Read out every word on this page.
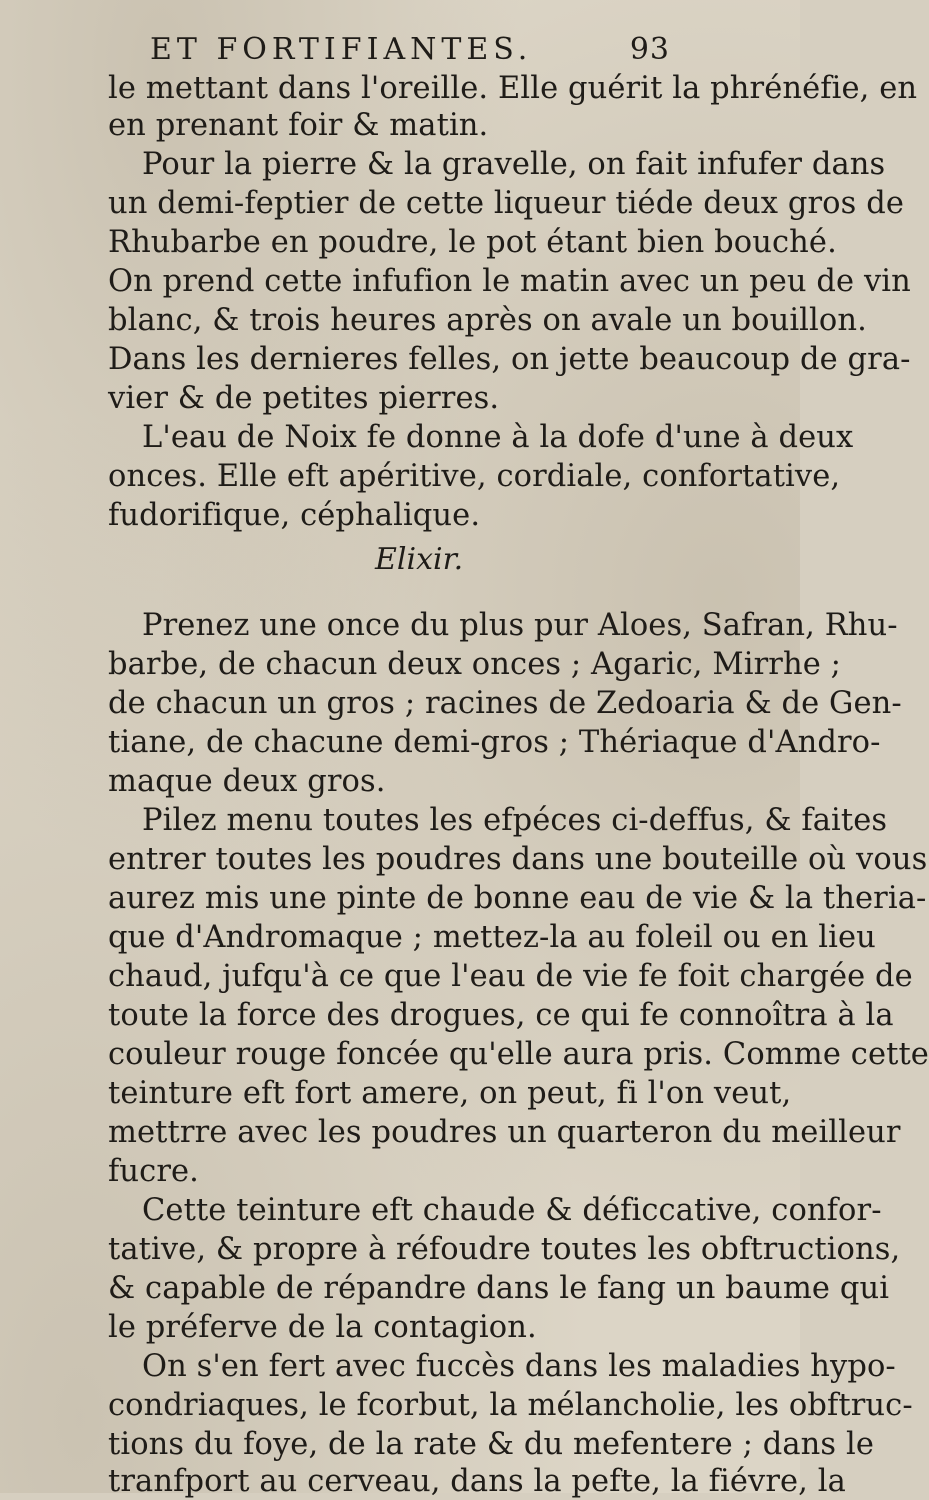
ET FORTIFIANTES.	93
le mettant dans l'oreille. Elle guérit la phrénéfie, en
en prenant foir & matin.
Pour la pierre & la gravelle, on fait infufer dans
un demi-feptier de cette liqueur tiéde deux gros de
Rhubarbe en poudre, le pot étant bien bouché.
On prend cette infufion le matin avec un peu de vin
blanc, & trois heures après on avale un bouillon.
Dans les dernieres felles, on jette beaucoup de gra-
vier & de petites pierres.
L'eau de Noix fe donne à la dofe d'une à deux
onces. Elle eft apéritive, cordiale, confortative,
fudorifique, céphalique.
Elixir.
Prenez une once du plus pur Aloes, Safran, Rhu-
barbe, de chacun deux onces ; Agaric, Mirrhe ;
de chacun un gros ; racines de Zedoaria & de Gen-
tiane, de chacune demi-gros ; Thériaque d'Andro-
maque deux gros.
Pilez menu toutes les efpéces ci-deffus, & faites
entrer toutes les poudres dans une bouteille où vous
aurez mis une pinte de bonne eau de vie & la theria-
que d'Andromaque ; mettez-la au foleil ou en lieu
chaud, jufqu'à ce que l'eau de vie fe foit chargée de
toute la force des drogues, ce qui fe connoîtra à la
couleur rouge foncée qu'elle aura pris. Comme cette
teinture eft fort amere, on peut, fi l'on veut,
mettrre avec les poudres un quarteron du meilleur
fucre.
Cette teinture eft chaude & déficcative, confor-
tative, & propre à réfoudre toutes les obftructions,
& capable de répandre dans le fang un baume qui
le préferve de la contagion.
On s'en fert avec fuccès dans les maladies hypo-
condriaques, le fcorbut, la mélancholie, les obftruc-
tions du foye, de la rate & du mefentere ; dans le
tranfport au cerveau, dans la pefte, la fiévre, la
